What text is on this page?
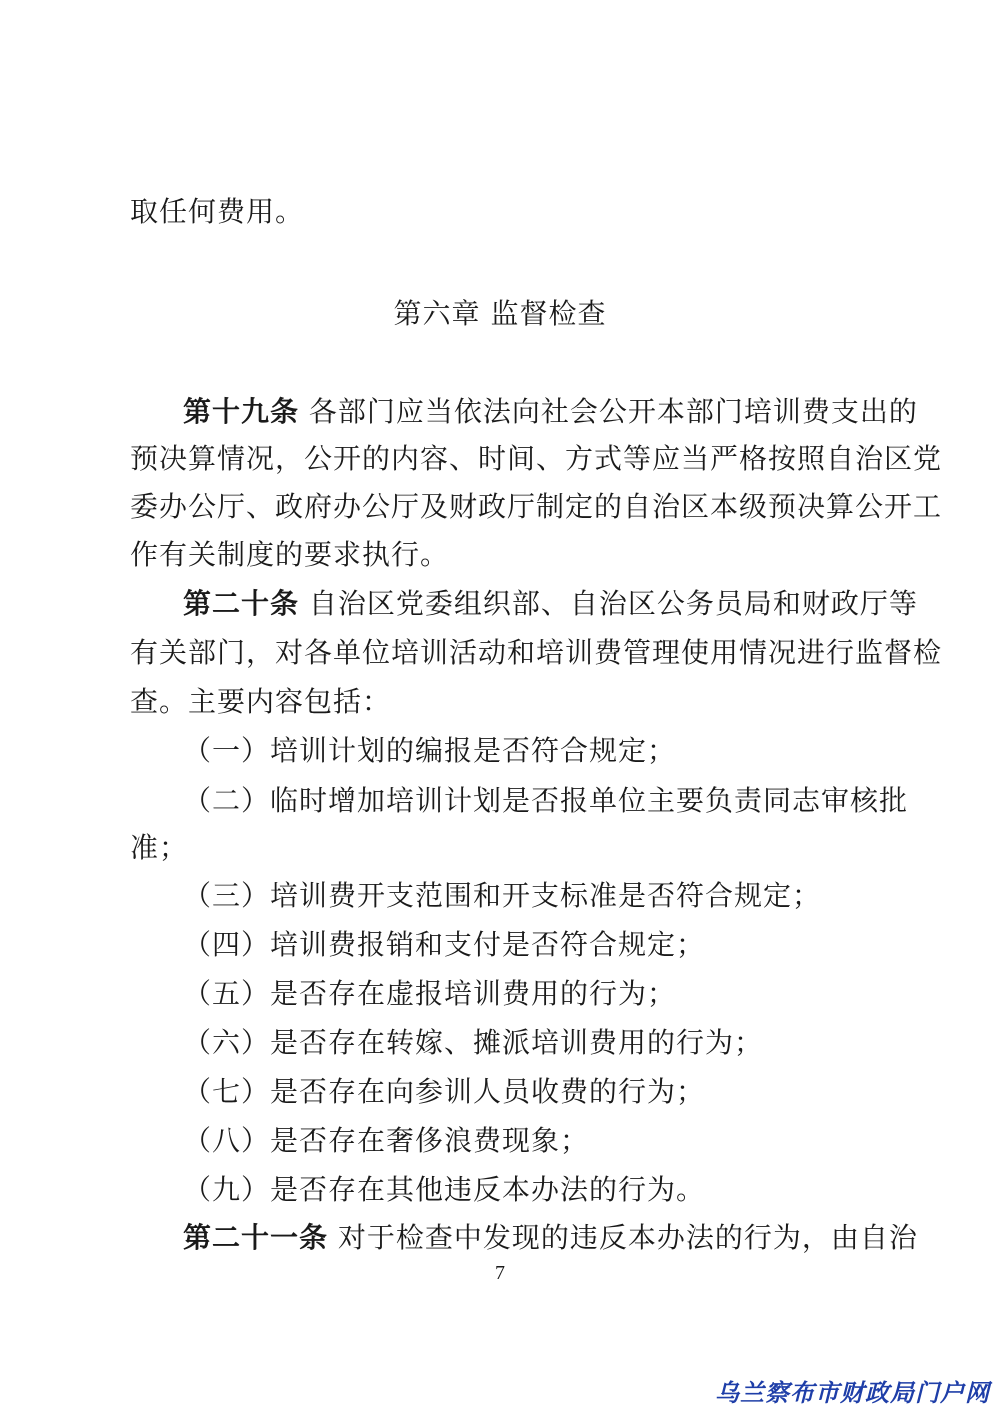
取任何费用。
第六章 监督检查
第十九条 各部门应当依法向社会公开本部门培训费支出的
预决算情况，公开的内容、时间、方式等应当严格按照自治区党
委办公厅、政府办公厅及财政厅制定的自治区本级预决算公开工
作有关制度的要求执行。
第二十条 自治区党委组织部、自治区公务员局和财政厅等
有关部门，对各单位培训活动和培训费管理使用情况进行监督检
查。主要内容包括：
（一）培训计划的编报是否符合规定；
（二）临时增加培训计划是否报单位主要负责同志审核批
准；
（三）培训费开支范围和开支标准是否符合规定；
（四）培训费报销和支付是否符合规定；
（五）是否存在虚报培训费用的行为；
（六）是否存在转嫁、摊派培训费用的行为；
（七）是否存在向参训人员收费的行为；
（八）是否存在奢侈浪费现象；
（九）是否存在其他违反本办法的行为。
第二十一条 对于检查中发现的违反本办法的行为，由自治
7
乌兰察布市财政局门户网
